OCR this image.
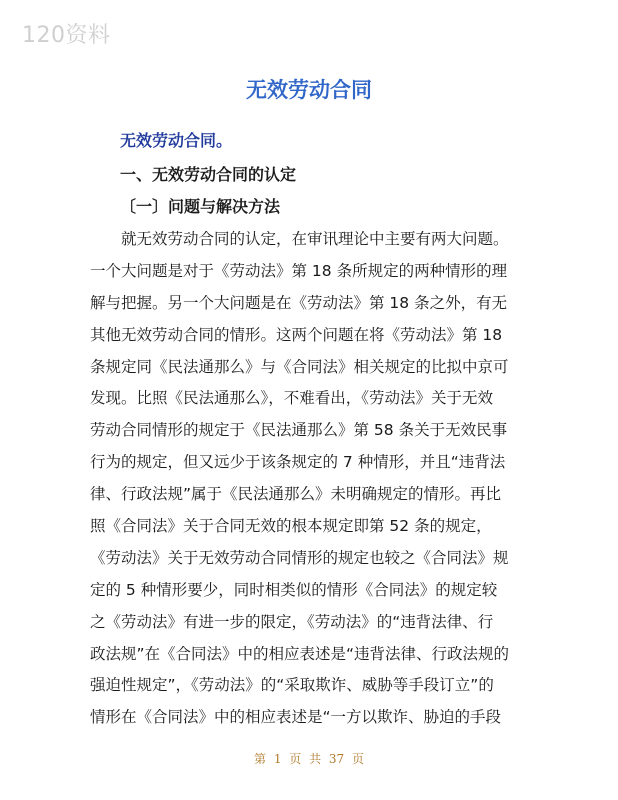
120资料
无效劳动合同
无效劳动合同。
一、无效劳动合同的认定
〔一〕问题与解决方法
就无效劳动合同的认定，在审讯理论中主要有两大问题。
一个大问题是对于《劳动法》第 18 条所规定的两种情形的理
解与把握。另一个大问题是在《劳动法》第 18 条之外，有无
其他无效劳动合同的情形。这两个问题在将《劳动法》第 18
条规定同《民法通那么》与《合同法》相关规定的比拟中京可
发现。比照《民法通那么》，不难看出，《劳动法》关于无效
劳动合同情形的规定于《民法通那么》第 58 条关于无效民事
行为的规定，但又远少于该条规定的 7 种情形，并且“违背法
律、行政法规”属于《民法通那么》未明确规定的情形。再比
照《合同法》关于合同无效的根本规定即第 52 条的规定，
《劳动法》关于无效劳动合同情形的规定也较之《合同法》规
定的 5 种情形要少，同时相类似的情形《合同法》的规定较
之《劳动法》有进一步的限定，《劳动法》的“违背法律、行
政法规”在《合同法》中的相应表述是“违背法律、行政法规的
强迫性规定”，《劳动法》的“采取欺诈、威胁等手段订立”的
情形在《合同法》中的相应表述是“一方以欺诈、胁迫的手段
第 1 页 共 37 页
